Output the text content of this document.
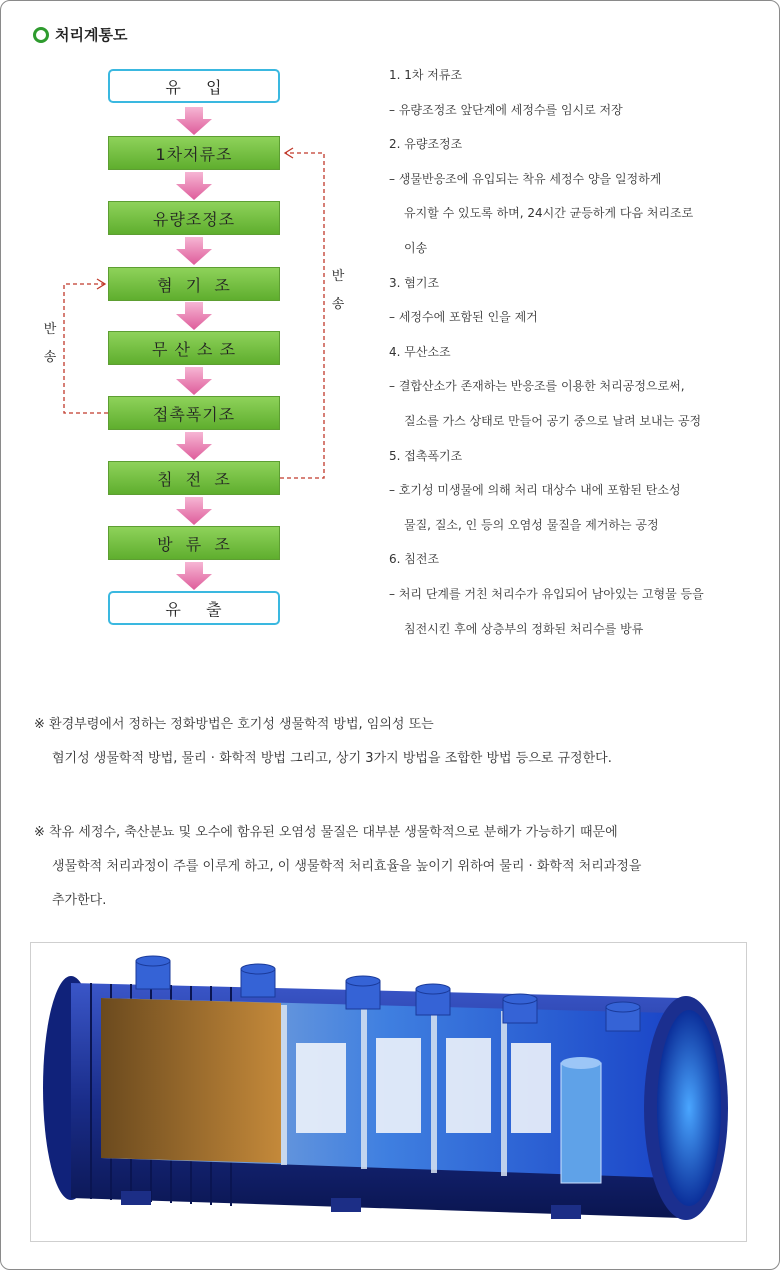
처리계통도
유    입
1차저류조
유량조정조
혐  기  조
무 산 소 조
접촉폭기조
침  전  조
방  류  조
유    출
반
송
반
송
1. 1차 저류조
– 유량조정조 앞단계에 세정수를 임시로 저장
2. 유량조정조
– 생물반응조에 유입되는 착유 세정수 양을 일정하게
유지할 수 있도록 하며, 24시간 균등하게 다음 처리조로
이송
3. 혐기조
– 세정수에 포함된 인을 제거
4. 무산소조
– 결합산소가 존재하는 반응조를 이용한 처리공정으로써,
질소를 가스 상태로 만들어 공기 중으로 날려 보내는 공정
5. 접촉폭기조
– 호기성 미생물에 의해 처리 대상수 내에 포함된 탄소성
물질, 질소, 인 등의 오염성 물질을 제거하는 공정
6. 침전조
– 처리 단계를 거친 처리수가 유입되어 남아있는 고형물 등을
침전시킨 후에 상층부의 정화된 처리수를 방류
※ 환경부령에서 정하는 정화방법은 호기성 생물학적 방법, 임의성 또는
혐기성 생물학적 방법, 물리 · 화학적 방법 그리고, 상기 3가지 방법을 조합한 방법 등으로 규정한다.
※ 착유 세정수, 축산분뇨 및 오수에 함유된 오염성 물질은 대부분 생물학적으로 분해가 가능하기 때문에
생물학적 처리과정이 주를 이루게 하고, 이 생물학적 처리효율을 높이기 위하여 물리 · 화학적 처리과정을
추가한다.
